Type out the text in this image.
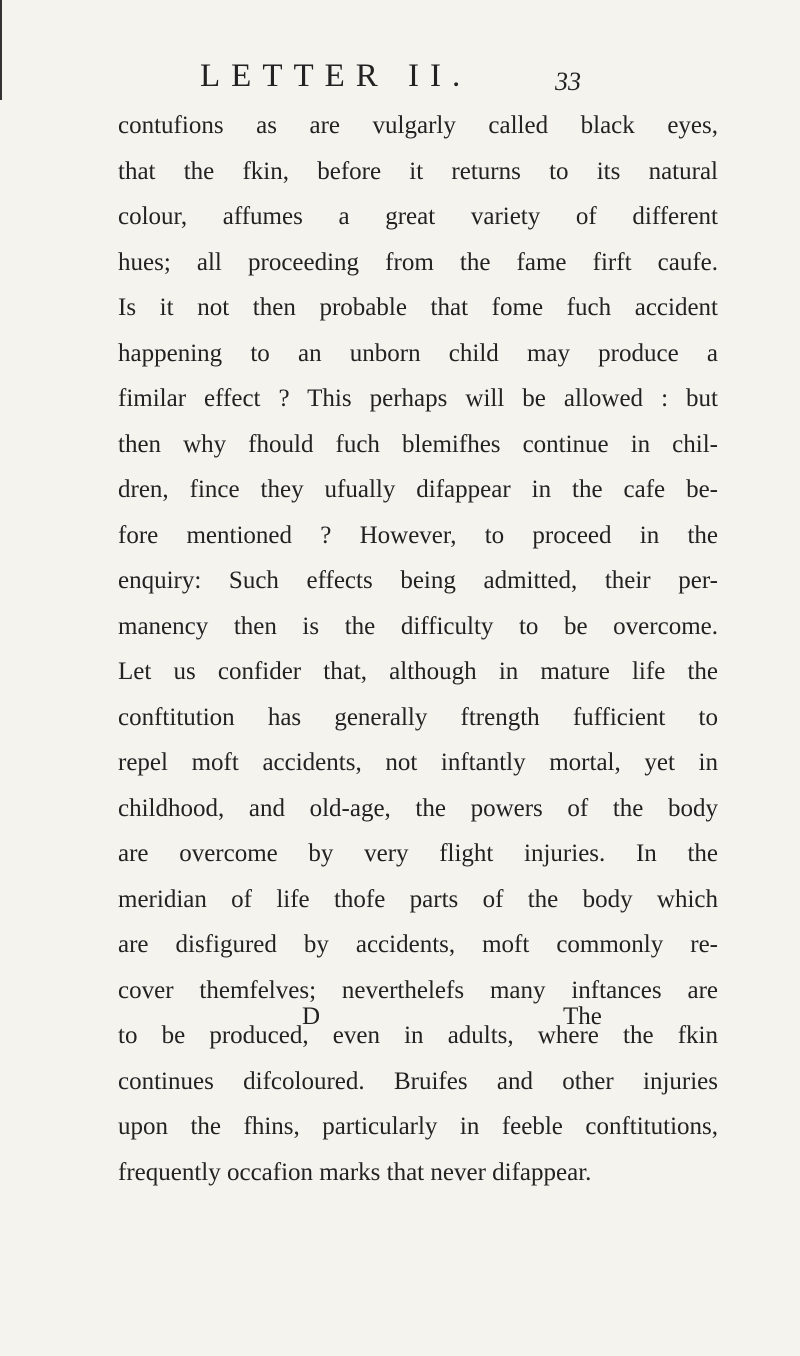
LETTER II.	33
contufions as are vulgarly called black eyes,
that the fkin, before it returns to its natural
colour, affumes a great variety of different
hues; all proceeding from the fame firft caufe.
Is it not then probable that fome fuch accident
happening to an unborn child may produce a
fimilar effect ? This perhaps will be allowed : but
then why fhould fuch blemifhes continue in chil-
dren, fince they ufually difappear in the cafe be-
fore mentioned ? However, to proceed in the
enquiry: Such effects being admitted, their per-
manency then is the difficulty to be overcome.
Let us confider that, although in mature life the
conftitution has generally ftrength fufficient to
repel moft accidents, not inftantly mortal, yet in
childhood, and old-age, the powers of the body
are overcome by very flight injuries. In the
meridian of life thofe parts of the body which
are disfigured by accidents, moft commonly re-
cover themfelves; neverthelefs many inftances are
to be produced, even in adults, where the fkin
continues difcoloured. Bruifes and other injuries
upon the fhins, particularly in feeble conftitutions,
frequently occafion marks that never difappear.
D	The
